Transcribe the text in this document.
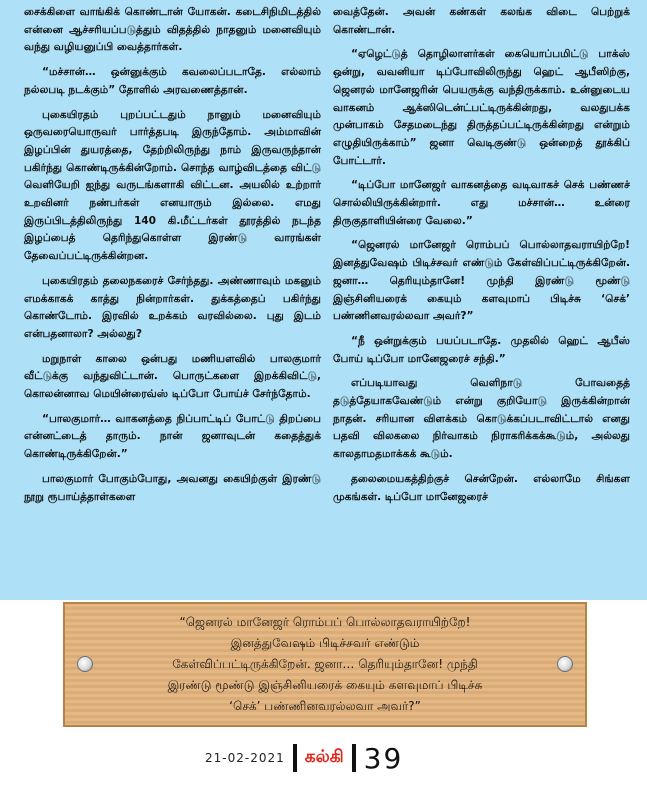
சைக்கிளை வாங்கிக் கொண்டான் யோகன். கடைசிநிமிடத்தில் என்னை ஆச்சரியப்படுத்தும் விதத்தில் நாதனும் மனைவியும் வந்து வழியனுப்பி வைத்தார்கள்.

“மச்சான்… ஒன்னுக்கும் கவலைப்படாதே. எல்லாம் நல்லபடி நடக்கும்” தோளில் அரவணைத்தான்.

புகையிரதம் புறப்பட்டதும் நானும் மனைவியும் ஒருவரையொருவர் பார்த்தபடி இருந்தோம். அம்மாவின் இழப்பின் துயரத்தை, தேற்றிலிருந்து நாம் இருவருந்தான் பகிர்ந்து கொண்டிருக்கின்றோம். சொந்த வாழ்விடத்தை விட்டு வெளியேறி ஐந்து வருடங்களாகி விட்டன. அயலில் உற்றார் உறவினர் நண்பர்கள் எனயாரும் இல்லை. எமது இருப்பிடத்திலிருந்து 140 கி.மீட்டர்கள் தூரத்தில் நடந்த இழப்பைத் தெரிந்துகொள்ள இரண்டு வாரங்கள் தேவைப்பட்டிருக்கின்றன.

புகையிரதம் தலைநகரைச் சேர்ந்தது. அண்ணாவும் மகனும் எமக்காகக் காத்து நின்றார்கள். துக்கத்தைப் பகிர்ந்து கொண்டோம். இரவில் உறக்கம் வரவில்லை. புது இடம் என்பதனாலா? அல்லது?

மறுநாள் காலை ஒன்பது மணியளவில் பாலகுமார் வீட்டுக்கு வந்துவிட்டான். பொருட்களை இறக்கிவிட்டு, கொலன்னாவ மெயின்ரைவ்ஸ் டிப்போ போய்ச் சேர்ந்தோம்.

“பாலகுமார்… வாகனத்தை நிப்பாட்டிப் போட்டு திறப்பை என்னட்டைத் தாரும். நான் ஜனாவுடன் கதைத்துக் கொண்டிருக்கிறேன்.”

பாலகுமார் போகும்போது, அவனது கையிற்குள் இரண்டு நூறு ரூபாய்த்தாள்களை

வைத்தேன். அவன் கண்கள் கலங்க விடை பெற்றுக் கொண்டான்.

“ஏழெட்டுத் தொழிலாளர்கள் கையொப்பமிட்டு பாக்ஸ் ஒன்று, வவனியா டிப்போவிலிருந்து ஹெட் ஆபீஸிற்கு, ஜெனரல் மானேஜரின் பெயருக்கு வந்திருக்காம். உன்னுடைய வாகனம் ஆக்ஸிடென்ட்பட்டிருக்கின்றது, வலதுபக்க முன்பாகம் சேதமடைந்து திருத்தப்பட்டிருக்கின்றது என்றும் எழுதியிருக்காம்” ஜனா வெடிகுண்டு ஒன்றைத் தூக்கிப் போட்டார்.

“டிப்போ மானேஜர் வாகனத்தை வடிவாகச் செக் பண்ணச் சொல்லியிருக்கின்றார். எது மச்சான்… உன்ரை திருகுதாளியின்ரை வேலை.”

“ஜெனரல் மானேஜர் ரொம்பப் பொல்லாதவராயிற்றே! இனத்துவேஷம் பிடிச்சவர் எண்டும் கேள்விப்பட்டிருக்கிறேன். ஜனா… தெரியும்தானே! முந்தி இரண்டு மூண்டு இஞ்சினியரைக் கையும் களவுமாப் பிடிச்சு ‘செக்’ பண்ணினவரல்லவா அவர்?”

“நீ ஒன்றுக்கும் பயப்படாதே. முதலில் ஹெட் ஆபீஸ் போய் டிப்போ மானேஜரைச் சந்தி.”

எப்படியாவது வெளிநாடு போவதைத் தடுத்தேயாகவேண்டும் என்று குறியோடு இருக்கின்றான் நாதன். சரியான விளக்கம் கொடுக்கப்படாவிட்டால் எனது பதவி விலகலை நிர்வாகம் நிராகரிக்கக்கூடும், அல்லது காலதாமதமாக்கக் கூடும்.

தலைமையகத்திற்குச் சென்றேன். எல்லாமே சிங்கள முகங்கள். டிப்போ மானேஜரைச்

“ஜெனரல் மானேஜர் ரொம்பப் பொல்லாதவராயிற்றே!
இனத்துவேஷம் பிடிச்சவர் எண்டும்
கேள்விப்பட்டிருக்கிறேன். ஜனா… தெரியும்தானே! முந்தி
இரண்டு மூண்டு இஞ்சினியரைக் கையும் களவுமாப் பிடிச்சு
‘செக்’ பண்ணினவரல்லவா அவர்?”
21-02-2021 கல்கி 39
